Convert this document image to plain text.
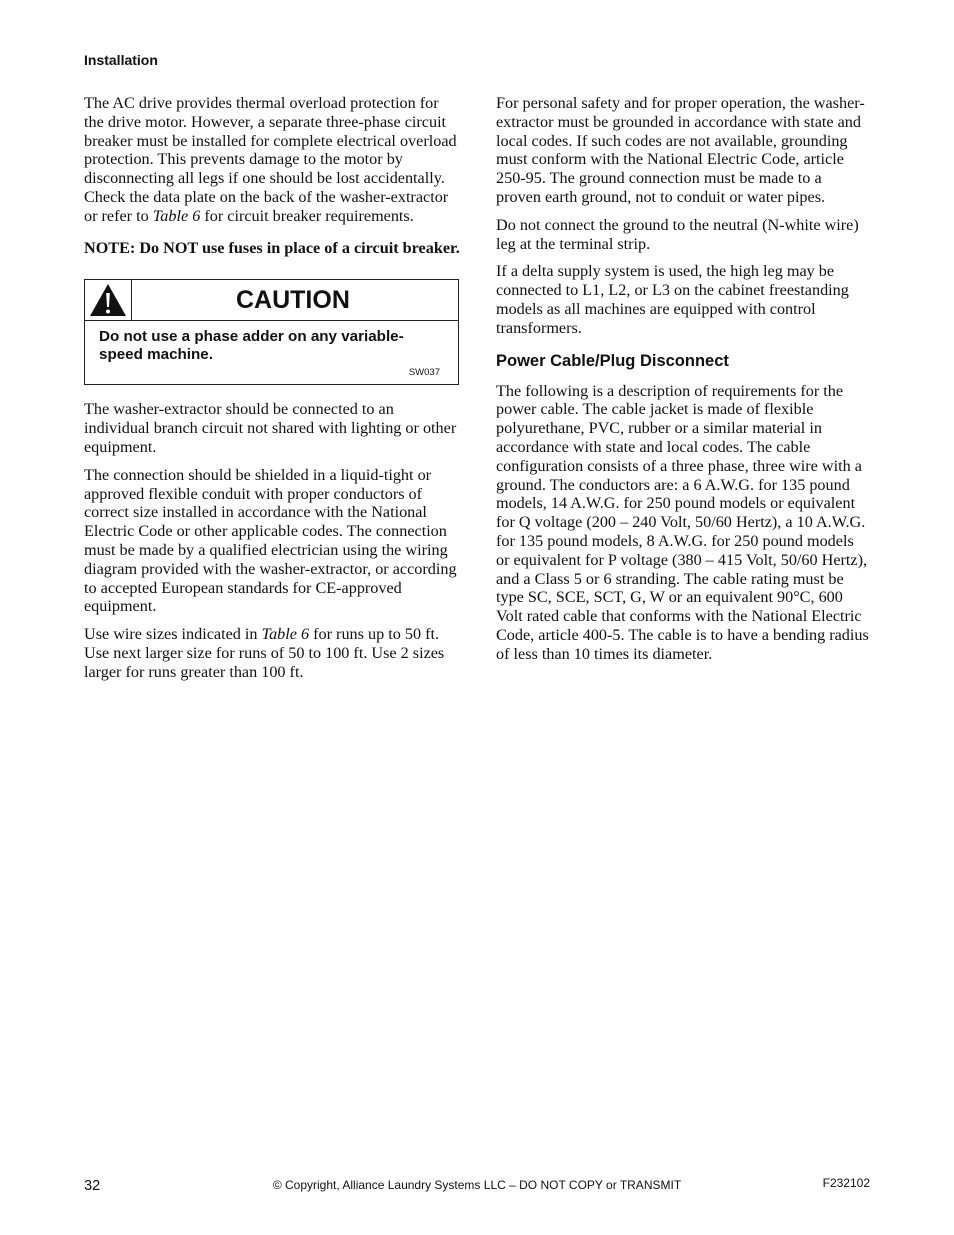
Installation

The AC drive provides thermal overload protection for the drive motor. However, a separate three-phase circuit breaker must be installed for complete electrical overload protection. This prevents damage to the motor by disconnecting all legs if one should be lost accidentally. Check the data plate on the back of the washer-extractor or refer to Table 6 for circuit breaker requirements.

NOTE: Do NOT use fuses in place of a circuit breaker.

CAUTION
Do not use a phase adder on any variable-speed machine.
SW037

The washer-extractor should be connected to an individual branch circuit not shared with lighting or other equipment.

The connection should be shielded in a liquid-tight or approved flexible conduit with proper conductors of correct size installed in accordance with the National Electric Code or other applicable codes. The connection must be made by a qualified electrician using the wiring diagram provided with the washer-extractor, or according to accepted European standards for CE-approved equipment.

Use wire sizes indicated in Table 6 for runs up to 50 ft. Use next larger size for runs of 50 to 100 ft. Use 2 sizes larger for runs greater than 100 ft.

For personal safety and for proper operation, the washer-extractor must be grounded in accordance with state and local codes. If such codes are not available, grounding must conform with the National Electric Code, article 250-95. The ground connection must be made to a proven earth ground, not to conduit or water pipes.

Do not connect the ground to the neutral (N-white wire) leg at the terminal strip.

If a delta supply system is used, the high leg may be connected to L1, L2, or L3 on the cabinet freestanding models as all machines are equipped with control transformers.

Power Cable/Plug Disconnect

The following is a description of requirements for the power cable. The cable jacket is made of flexible polyurethane, PVC, rubber or a similar material in accordance with state and local codes. The cable configuration consists of a three phase, three wire with a ground. The conductors are: a 6 A.W.G. for 135 pound models, 14 A.W.G. for 250 pound models or equivalent for Q voltage (200 – 240 Volt, 50/60 Hertz), a 10 A.W.G. for 135 pound models, 8 A.W.G. for 250 pound models or equivalent for P voltage (380 – 415 Volt, 50/60 Hertz), and a Class 5 or 6 stranding. The cable rating must be type SC, SCE, SCT, G, W or an equivalent 90°C, 600 Volt rated cable that conforms with the National Electric Code, article 400-5. The cable is to have a bending radius of less than 10 times its diameter.

32	© Copyright, Alliance Laundry Systems LLC – DO NOT COPY or TRANSMIT	F232102
